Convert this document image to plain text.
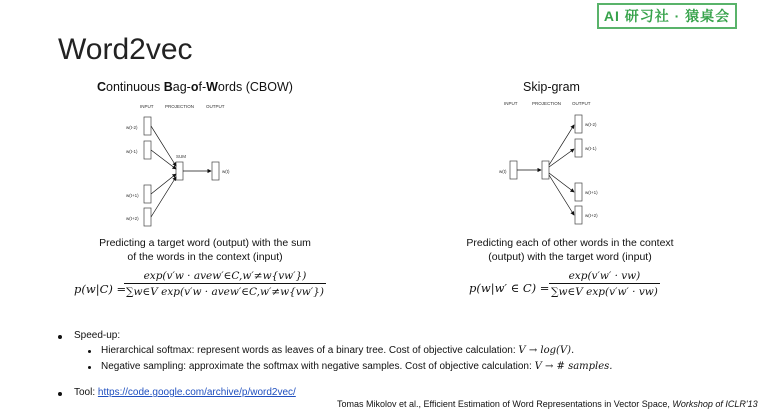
AI 研习社 · 猿桌会
Word2vec
Continuous Bag-of-Words (CBOW)
INPUT	PROJECTION	OUTPUT
w(t-2)
w(t-1)
w(t+1)
w(t+2)
SUM
w(t)
Predicting a target word (output) with the sum
of the words in the context (input)
p(w|C) =
exp(v′w · avew′∈C,w′≠w{vw′})
∑w∈V exp(v′w · avew′∈C,w′≠w{vw′})
Skip-gram
INPUT	PROJECTION OUTPUT
w(t)
w(t-2)
w(t-1)
w(t+1)
w(t+2)
Predicting each of other words in the context
(output) with the target word (input)
p(w|w′ ∈ $C) = \frac{\exp(v'w' \cdot vw)}{\text{∑w∈V exp(v′w′ · vw)}}$
Speed-up:
Hierarchical softmax: represent words as leaves of a binary tree. Cost of objective calculation: V → log(V).
Negative sampling: approximate the softmax with negative samples. Cost of objective calculation: V → # samples.
Tool: https://code.google.com/archive/p/word2vec/
Tomas Mikolov et al., Efficient Estimation of Word Representations in Vector Space, Workshop of ICLR'13
